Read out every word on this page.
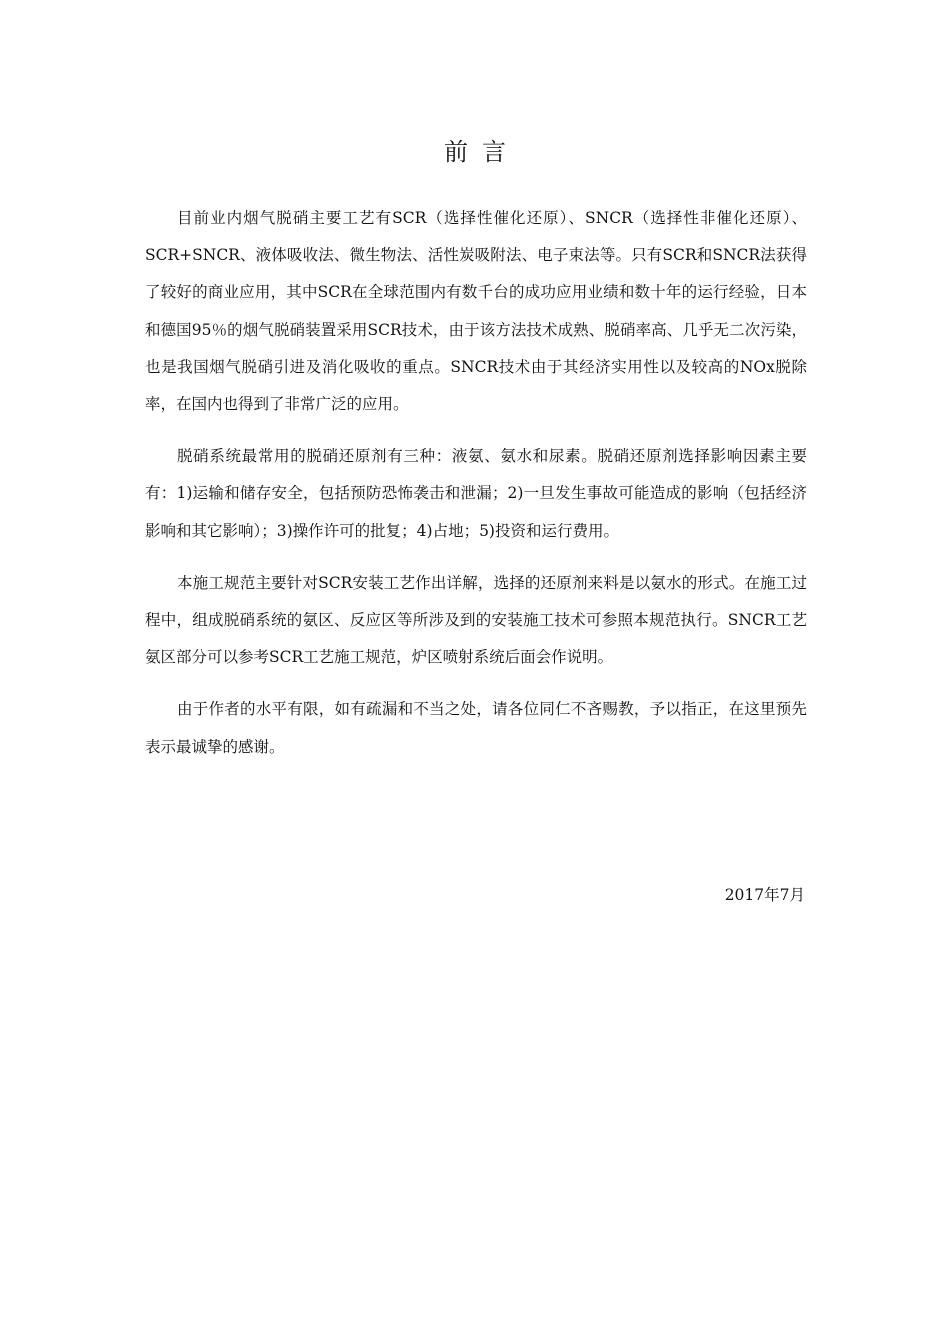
前言

目前业内烟气脱硝主要工艺有SCR（选择性催化还原）、SNCR（选择性非催化还原）、SCR+SNCR、液体吸收法、微生物法、活性炭吸附法、电子束法等。只有SCR和SNCR法获得了较好的商业应用，其中SCR在全球范围内有数千台的成功应用业绩和数十年的运行经验，日本和德国95％的烟气脱硝装置采用SCR技术，由于该方法技术成熟、脱硝率高、几乎无二次污染，也是我国烟气脱硝引进及消化吸收的重点。SNCR技术由于其经济实用性以及较高的NOx脱除率，在国内也得到了非常广泛的应用。

脱硝系统最常用的脱硝还原剂有三种：液氨、氨水和尿素。脱硝还原剂选择影响因素主要有：1)运输和储存安全，包括预防恐怖袭击和泄漏；2)一旦发生事故可能造成的影响（包括经济影响和其它影响）；3)操作许可的批复；4)占地；5)投资和运行费用。

本施工规范主要针对SCR安装工艺作出详解，选择的还原剂来料是以氨水的形式。在施工过程中，组成脱硝系统的氨区、反应区等所涉及到的安装施工技术可参照本规范执行。SNCR工艺氨区部分可以参考SCR工艺施工规范，炉区喷射系统后面会作说明。

由于作者的水平有限，如有疏漏和不当之处，请各位同仁不吝赐教，予以指正，在这里预先表示最诚挚的感谢。

2017年7月
